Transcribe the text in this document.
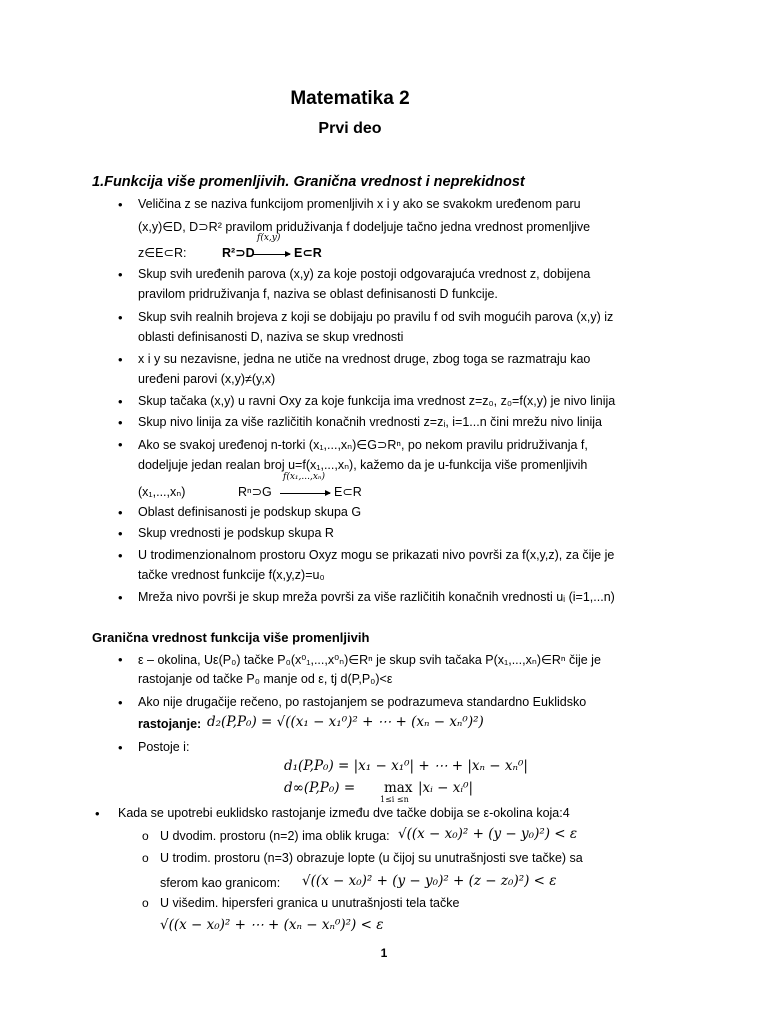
Matematika 2
Prvi deo
1.Funkcija više promenljivih. Granična vrednost i neprekidnost
• Veličina z se naziva funkcijom promenljivih x i y ako se svakokm uređenom paru
(x,y)∈D, D⊃R² pravilom priduživanja f dodeljuje tačno jedna vrednost promenljive
z∈E⊂R:	R²⊃D
f(x,y)
E⊂R
• Skup svih uređenih parova (x,y) za koje postoji odgovarajuća vrednost z, dobijena
pravilom pridruživanja f, naziva se oblast definisanosti D funkcije.
• Skup svih realnih brojeva z koji se dobijaju po pravilu f od svih mogućih parova (x,y) iz
oblasti definisanosti D, naziva se skup vrednosti
• x i y su nezavisne, jedna ne utiče na vrednost druge, zbog toga se razmatraju kao
uređeni parovi (x,y)≠(y,x)
• Skup tačaka (x,y) u ravni Oxy za koje funkcija ima vrednost z=z₀, z₀=f(x,y) je nivo linija
• Skup nivo linija za više različitih konačnih vrednosti z=zᵢ, i=1...n čini mrežu nivo linija
• Ako se svakoj uređenoj n-torki (x₁,...,xₙ)∈G⊃Rⁿ, po nekom pravilu pridruživanja f,
dodeljuje jedan realan broj u=f(x₁,...,xₙ), kažemo da je u-funkcija više promenljivih
(x₁,...,xₙ)	Rⁿ⊃G
f(x₁,...,xₙ)
E⊂R
• Oblast definisanosti je podskup skupa G
• Skup vrednosti je podskup skupa R
• U trodimenzionalnom prostoru Oxyz mogu se prikazati nivo površi za f(x,y,z), za čije je
tačke vrednost funkcije f(x,y,z)=u₀
• Mreža nivo površi je skup mreža površi za više različitih konačnih vrednosti uᵢ (i=1,...n)
Granična vrednost funkcija više promenljivih
• ε – okolina, Uε(P₀) tačke P₀(x⁰₁,...,x⁰ₙ)∈Rⁿ je skup svih tačaka P(x₁,...,xₙ)∈Rⁿ čije je
rastojanje od tačke P₀ manje od ε, tj d(P,P₀)<ε
• Ako nije drugačije rečeno, po rastojanjem se podrazumeva standardno Euklidsko
rastojanje: d₂(P,P₀) = √((x₁ − x₁⁰)² + ⋯ + (xₙ − xₙ⁰)²)
• Postoje i:
d₁(P,P₀) = |x₁ − x₁⁰| + ⋯ + |xₙ − xₙ⁰|
d∞(P,P₀) = max
1≤i ≤n
|xᵢ − xᵢ⁰|
• Kada se upotrebi euklidsko rastojanje između dve tačke dobija se ε-okolina koja:4
o U dvodim. prostoru (n=2) ima oblik kruga: √((x − x₀)² + (y − y₀)²) < ε
o U trodim. prostoru (n=3) obrazuje lopte (u čijoj su unutrašnjosti sve tačke) sa
sferom kao granicom: √((x − x₀)² + (y − y₀)² + (z − z₀)²) < ε
o U višedim. hipersferi granica u unutrašnjosti tela tačke
√((x − x₀)² + ⋯ + (xₙ − xₙ⁰)²) < ε
1
